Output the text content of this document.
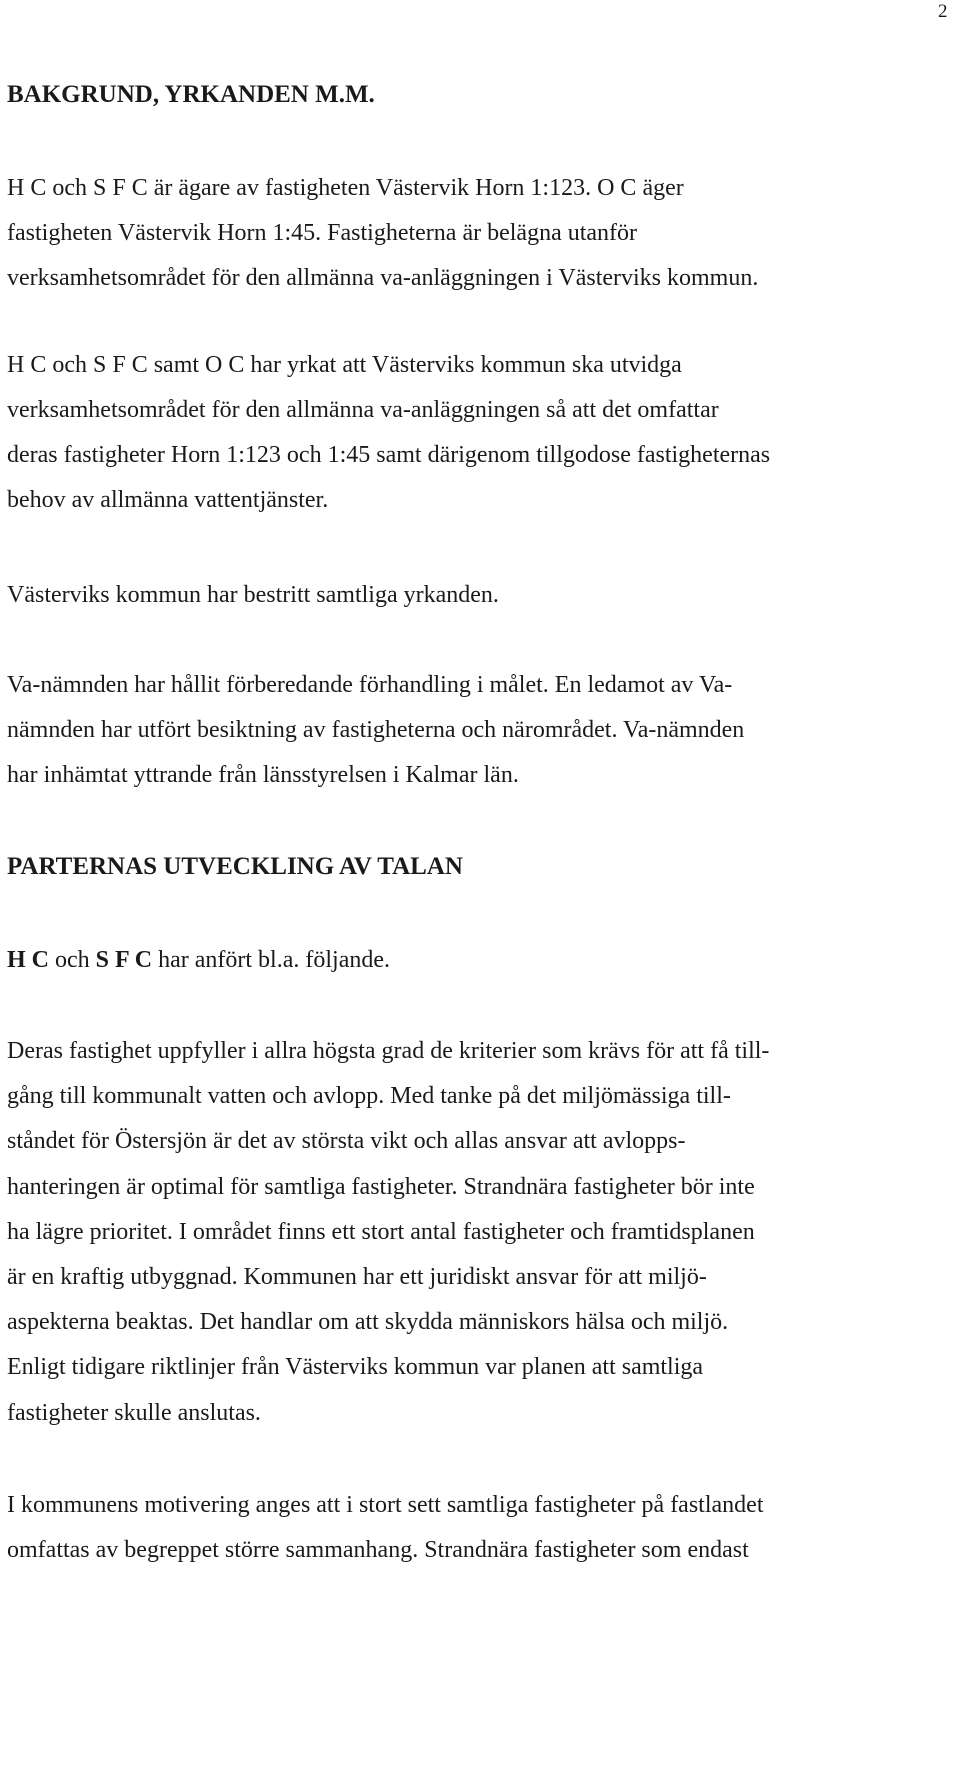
2
BAKGRUND, YRKANDEN M.M.
H C och S F C är ägare av fastigheten Västervik Horn 1:123. O C äger
fastigheten Västervik Horn 1:45. Fastigheterna är belägna utanför
verksamhetsområdet för den allmänna va-anläggningen i Västerviks kommun.
H C och S F C samt O C har yrkat att Västerviks kommun ska utvidga
verksamhetsområdet för den allmänna va-anläggningen så att det omfattar
deras fastigheter Horn 1:123 och 1:45 samt därigenom tillgodose fastigheternas
behov av allmänna vattentjänster.
Västerviks kommun har bestritt samtliga yrkanden.
Va-nämnden har hållit förberedande förhandling i målet. En ledamot av Va-
nämnden har utfört besiktning av fastigheterna och närområdet. Va-nämnden
har inhämtat yttrande från länsstyrelsen i Kalmar län.
PARTERNAS UTVECKLING AV TALAN
H C och S F C har anfört bl.a. följande.
Deras fastighet uppfyller i allra högsta grad de kriterier som krävs för att få till-
gång till kommunalt vatten och avlopp. Med tanke på det miljömässiga till-
ståndet för Östersjön är det av största vikt och allas ansvar att avlopps-
hanteringen är optimal för samtliga fastigheter. Strandnära fastigheter bör inte
ha lägre prioritet. I området finns ett stort antal fastigheter och framtidsplanen
är en kraftig utbyggnad. Kommunen har ett juridiskt ansvar för att miljö-
aspekterna beaktas. Det handlar om att skydda människors hälsa och miljö.
Enligt tidigare riktlinjer från Västerviks kommun var planen att samtliga
fastigheter skulle anslutas.
I kommunens motivering anges att i stort sett samtliga fastigheter på fastlandet
omfattas av begreppet större sammanhang. Strandnära fastigheter som endast
